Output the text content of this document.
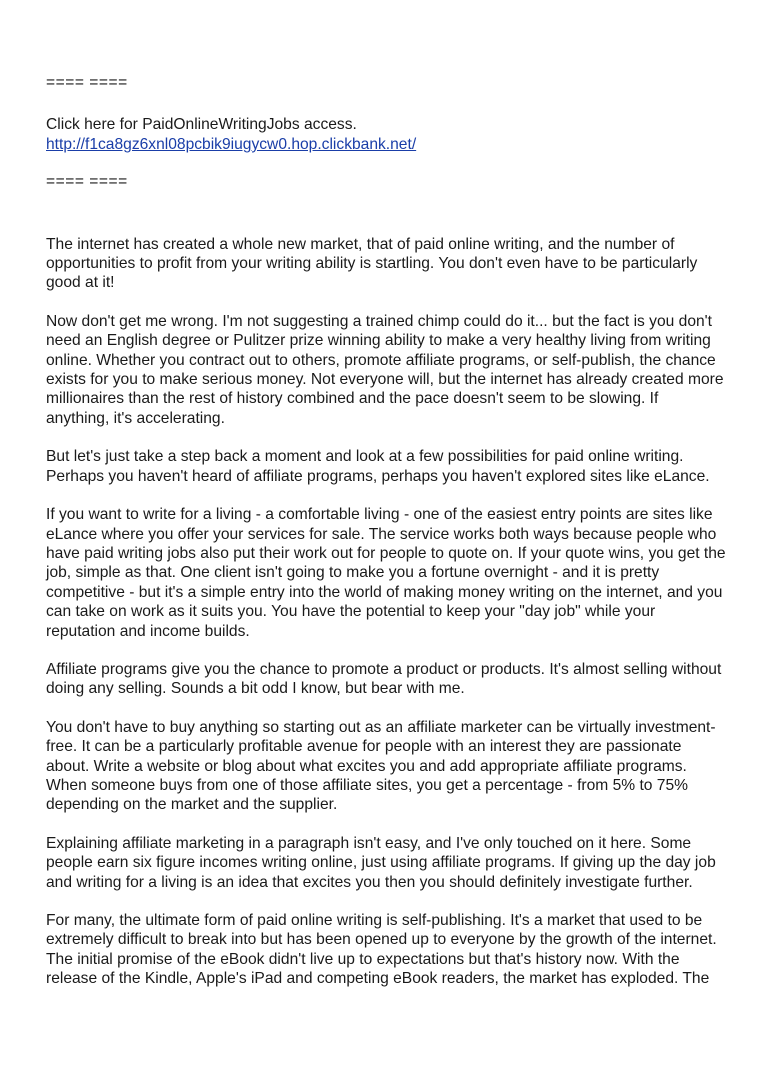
==== ====
Click here for PaidOnlineWritingJobs access.
http://f1ca8gz6xnl08pcbik9iugycw0.hop.clickbank.net/
==== ====

The internet has created a whole new market, that of paid online writing, and the number of
opportunities to profit from your writing ability is startling. You don't even have to be particularly
good at it!

Now don't get me wrong. I'm not suggesting a trained chimp could do it... but the fact is you don't
need an English degree or Pulitzer prize winning ability to make a very healthy living from writing
online. Whether you contract out to others, promote affiliate programs, or self-publish, the chance
exists for you to make serious money. Not everyone will, but the internet has already created more
millionaires than the rest of history combined and the pace doesn't seem to be slowing. If
anything, it's accelerating.

But let's just take a step back a moment and look at a few possibilities for paid online writing.
Perhaps you haven't heard of affiliate programs, perhaps you haven't explored sites like eLance.

If you want to write for a living - a comfortable living - one of the easiest entry points are sites like
eLance where you offer your services for sale. The service works both ways because people who
have paid writing jobs also put their work out for people to quote on. If your quote wins, you get the
job, simple as that. One client isn't going to make you a fortune overnight - and it is pretty
competitive - but it's a simple entry into the world of making money writing on the internet, and you
can take on work as it suits you. You have the potential to keep your "day job" while your
reputation and income builds.

Affiliate programs give you the chance to promote a product or products. It's almost selling without
doing any selling. Sounds a bit odd I know, but bear with me.

You don't have to buy anything so starting out as an affiliate marketer can be virtually investment-
free. It can be a particularly profitable avenue for people with an interest they are passionate
about. Write a website or blog about what excites you and add appropriate affiliate programs.
When someone buys from one of those affiliate sites, you get a percentage - from 5% to 75%
depending on the market and the supplier.

Explaining affiliate marketing in a paragraph isn't easy, and I've only touched on it here. Some
people earn six figure incomes writing online, just using affiliate programs. If giving up the day job
and writing for a living is an idea that excites you then you should definitely investigate further.

For many, the ultimate form of paid online writing is self-publishing. It's a market that used to be
extremely difficult to break into but has been opened up to everyone by the growth of the internet.
The initial promise of the eBook didn't live up to expectations but that's history now. With the
release of the Kindle, Apple's iPad and competing eBook readers, the market has exploded. The
